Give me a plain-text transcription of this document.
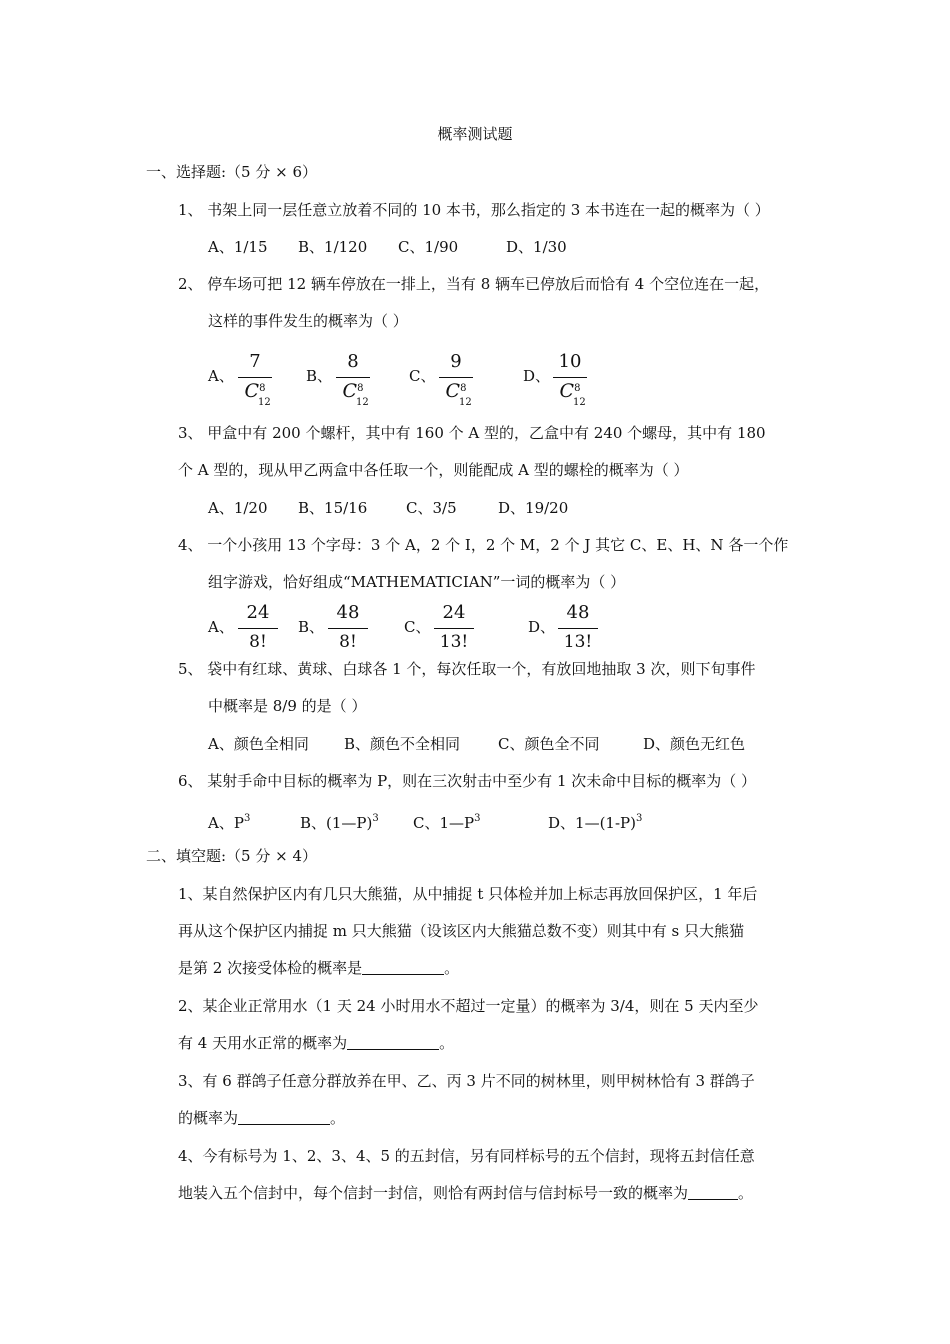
概率测试题
一、选择题:（5 分 × 6）
1、 书架上同一层任意立放着不同的 10 本书，那么指定的 3 本书连在一起的概率为（ ）
A、1/15 B、1/120 C、1/90	D、1/30
2、 停车场可把 12 辆车停放在一排上，当有 8 辆车已停放后而恰有 4 个空位连在一起，
这样的事件发生的概率为（ ）
A、
7
$C^8$
12
B、
8
$C^8$
12
C、
9
$C^8$
12
D、
10
$C^8$
12
3、 甲盒中有 200 个螺杆，其中有 160 个 A 型的，乙盒中有 240 个螺母，其中有 180
个 A 型的，现从甲乙两盒中各任取一个，则能配成 A 型的螺栓的概率为（ ）
A、1/20 B、15/16	C、3/5	D、19/20
4、 一个小孩用 13 个字母：3 个 A，2 个 I，2 个 M，2 个 J 其它 C、E、H、N 各一个作
组字游戏，恰好组成“MATHEMATICIAN”一词的概率为（ ）
A、
24
8!
B、
48
8!
C、
24
13!
D、
48
13!
5、 袋中有红球、黄球、白球各 1 个，每次任取一个，有放回地抽取 3 次，则下旬事件
中概率是 8/9 的是（ ）
A、颜色全相同 B、颜色不全相同	C、颜色全不同	D、颜色无红色
6、 某射手命中目标的概率为 P，则在三次射击中至少有 1 次未命中目标的概率为（ ）
A、$P^3$	B、(1—P)$^3$ C、$1—P^3$	D、$1—(1-P)^3$
二、填空题:（5 分 × 4）
1、某自然保护区内有几只大熊猫，从中捕捉 t 只体检并加上标志再放回保护区，1 年后
再从这个保护区内捕捉 m 只大熊猫（设该区内大熊猫总数不变）则其中有 s 只大熊猫
是第 2 次接受体检的概率是	。
2、某企业正常用水（1 天 24 小时用水不超过一定量）的概率为 3/4，则在 5 天内至少
有 4 天用水正常的概率为	。
3、有 6 群鸽子任意分群放养在甲、乙、丙 3 片不同的树林里，则甲树林恰有 3 群鸽子
的概率为	。
4、今有标号为 1、2、3、4、5 的五封信，另有同样标号的五个信封，现将五封信任意
地装入五个信封中，每个信封一封信，则恰有两封信与信封标号一致的概率为	。
